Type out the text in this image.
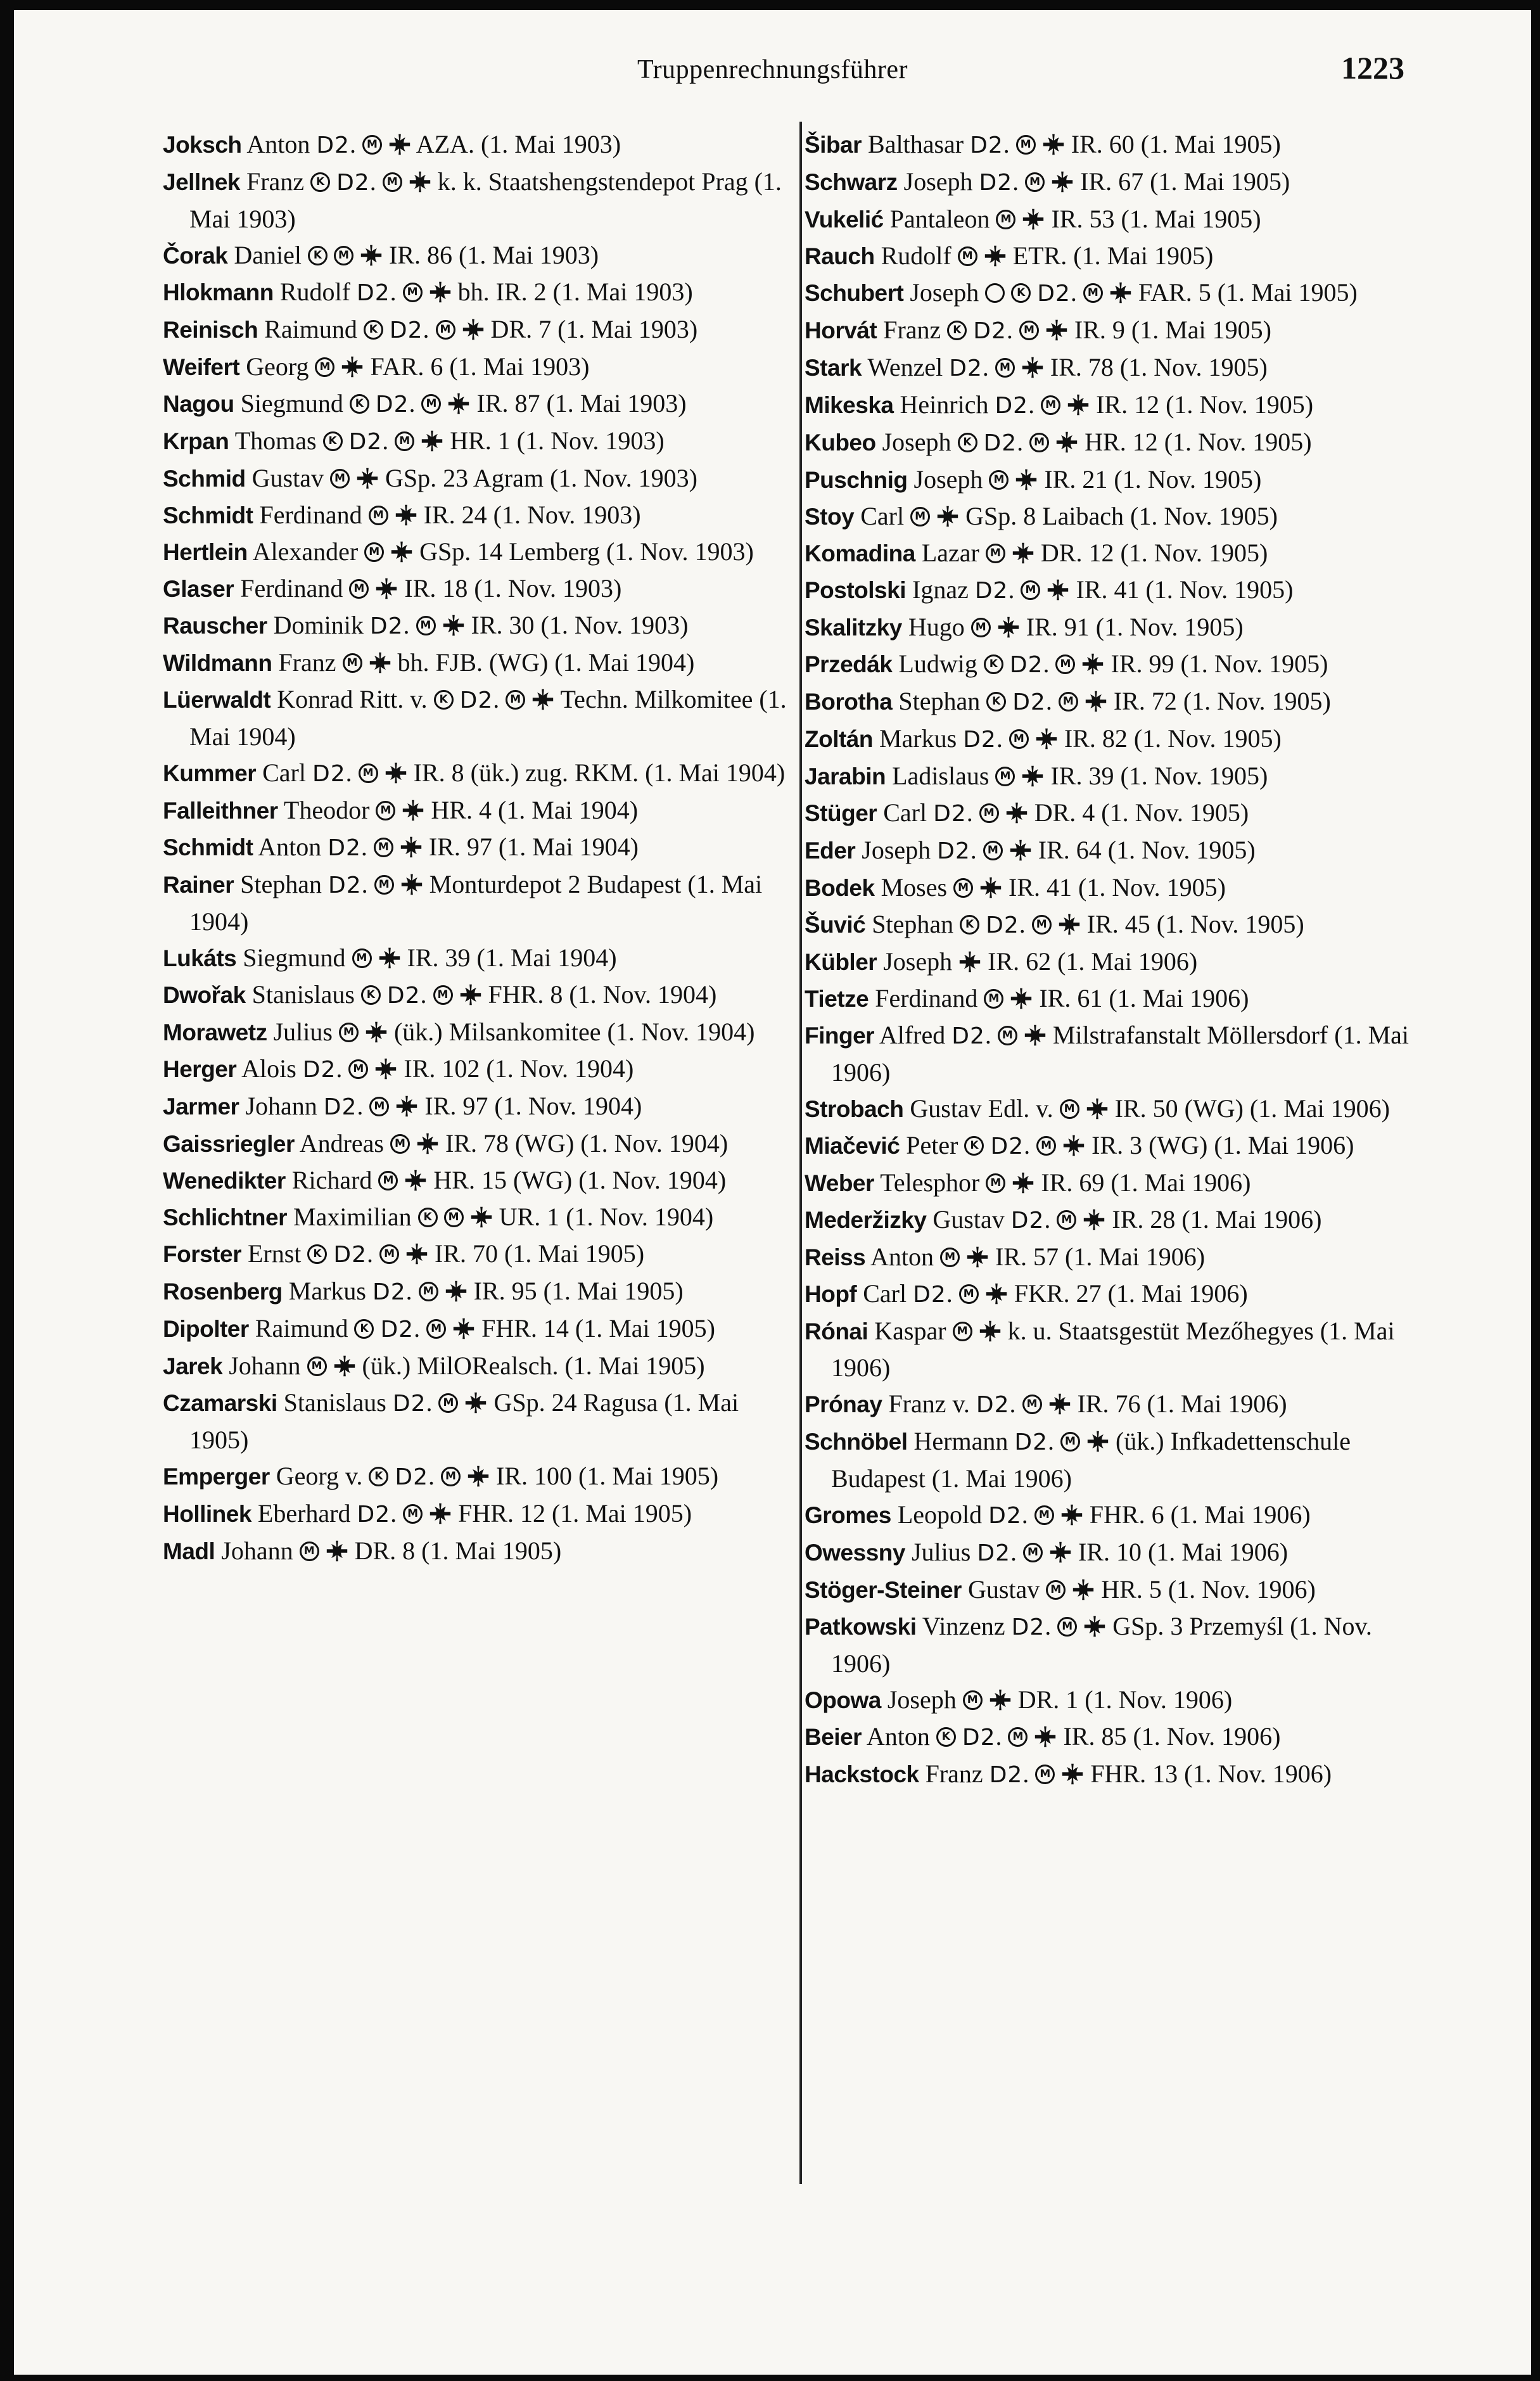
Truppenrechnungsführer	1223
Joksch Anton D2. M
AZA. (1. Mai 1903)
Jellnek Franz K D2. M
k. k. Staatshengstendepot Prag (1. Mai 1903)
Čorak Daniel K M
IR. 86 (1. Mai 1903)
Hlokmann Rudolf D2. M
bh. IR. 2 (1. Mai 1903)
Reinisch Raimund K D2. M
DR. 7 (1. Mai 1903)
Weifert Georg M
FAR. 6 (1. Mai 1903)
Nagou Siegmund K D2. M
IR. 87 (1. Mai 1903)
Krpan Thomas K D2. M
HR. 1 (1. Nov. 1903)
Schmid Gustav M
GSp. 23 Agram (1. Nov. 1903)
Schmidt Ferdinand M
IR. 24 (1. Nov. 1903)
Hertlein Alexander M
GSp. 14 Lemberg (1. Nov. 1903)
Glaser Ferdinand M
IR. 18 (1. Nov. 1903)
Rauscher Dominik D2. M
IR. 30 (1. Nov. 1903)
Wildmann Franz M
bh. FJB. (WG) (1. Mai 1904)
Lüerwaldt Konrad Ritt. v. K D2. M
Techn. Milkomitee (1. Mai 1904)
Kummer Carl D2. M
IR. 8 (ük.) zug. RKM. (1. Mai 1904)
Falleithner Theodor M
HR. 4 (1. Mai 1904)
Schmidt Anton D2. M
IR. 97 (1. Mai 1904)
Rainer Stephan D2. M
Monturdepot 2 Budapest (1. Mai 1904)
Lukáts Siegmund M
IR. 39 (1. Mai 1904)
Dwořak Stanislaus K D2. M
FHR. 8 (1. Nov. 1904)
Morawetz Julius M
(ük.) Milsankomitee (1. Nov. 1904)
Herger Alois D2. M
IR. 102 (1. Nov. 1904)
Jarmer Johann D2. M
IR. 97 (1. Nov. 1904)
Gaissriegler Andreas M
IR. 78 (WG) (1. Nov. 1904)
Wenedikter Richard M
HR. 15 (WG) (1. Nov. 1904)
Schlichtner Maximilian K M
UR. 1 (1. Nov. 1904)
Forster Ernst K D2. M
IR. 70 (1. Mai 1905)
Rosenberg Markus D2. M
IR. 95 (1. Mai 1905)
Dipolter Raimund K D2. M
FHR. 14 (1. Mai 1905)
Jarek Johann M
(ük.) MilORealsch. (1. Mai 1905)
Czamarski Stanislaus D2. M
GSp. 24 Ragusa (1. Mai 1905)
Emperger Georg v. K D2. M
IR. 100 (1. Mai 1905)
Hollinek Eberhard D2. M
FHR. 12 (1. Mai 1905)
Madl Johann M
DR. 8 (1. Mai 1905)
Šibar Balthasar D2. M
IR. 60 (1. Mai 1905)
Schwarz Joseph D2. M
IR. 67 (1. Mai 1905)
Vukelić Pantaleon M
IR. 53 (1. Mai 1905)
Rauch Rudolf M
ETR. (1. Mai 1905)
Schubert Joseph	K D2. M
FAR. 5 (1. Mai 1905)
Horvát Franz K D2. M
IR. 9 (1. Mai 1905)
Stark Wenzel D2. M
IR. 78 (1. Nov. 1905)
Mikeska Heinrich D2. M
IR. 12 (1. Nov. 1905)
Kubeo Joseph K D2. M
HR. 12 (1. Nov. 1905)
Puschnig Joseph M
IR. 21 (1. Nov. 1905)
Stoy Carl M
GSp. 8 Laibach (1. Nov. 1905)
Komadina Lazar M
DR. 12 (1. Nov. 1905)
Postolski Ignaz D2. M
IR. 41 (1. Nov. 1905)
Skalitzky Hugo M
IR. 91 (1. Nov. 1905)
Przedák Ludwig K D2. M
IR. 99 (1. Nov. 1905)
Borotha Stephan K D2. M
IR. 72 (1. Nov. 1905)
Zoltán Markus D2. M
IR. 82 (1. Nov. 1905)
Jarabin Ladislaus M
IR. 39 (1. Nov. 1905)
Stüger Carl D2. M
DR. 4 (1. Nov. 1905)
Eder Joseph D2. M
IR. 64 (1. Nov. 1905)
Bodek Moses M
IR. 41 (1. Nov. 1905)
Šuvić Stephan K D2. M
IR. 45 (1. Nov. 1905)
Kübler Joseph
IR. 62 (1. Mai 1906)
Tietze Ferdinand M
IR. 61 (1. Mai 1906)
Finger Alfred D2. M
Milstrafanstalt Möllersdorf (1. Mai 1906)
Strobach Gustav Edl. v. M
IR. 50 (WG) (1. Mai 1906)
Miačević Peter K D2. M
IR. 3 (WG) (1. Mai 1906)
Weber Telesphor M
IR. 69 (1. Mai 1906)
Mederžizky Gustav D2. M
IR. 28 (1. Mai 1906)
Reiss Anton M
IR. 57 (1. Mai 1906)
Hopf Carl D2. M
FKR. 27 (1. Mai 1906)
Rónai Kaspar M
k. u. Staatsgestüt Mezőhegyes (1. Mai 1906)
Prónay Franz v. D2. M
IR. 76 (1. Mai 1906)
Schnöbel Hermann D2. M
(ük.) Infkadettenschule Budapest (1. Mai 1906)
Gromes Leopold D2. M
FHR. 6 (1. Mai 1906)
Owessny Julius D2. M
IR. 10 (1. Mai 1906)
Stöger-Steiner Gustav M
HR. 5 (1. Nov. 1906)
Patkowski Vinzenz D2. M
GSp. 3 Przemyśl (1. Nov. 1906)
Opowa Joseph M
DR. 1 (1. Nov. 1906)
Beier Anton K D2. M
IR. 85 (1. Nov. 1906)
Hackstock Franz D2. M
FHR. 13 (1. Nov. 1906)
